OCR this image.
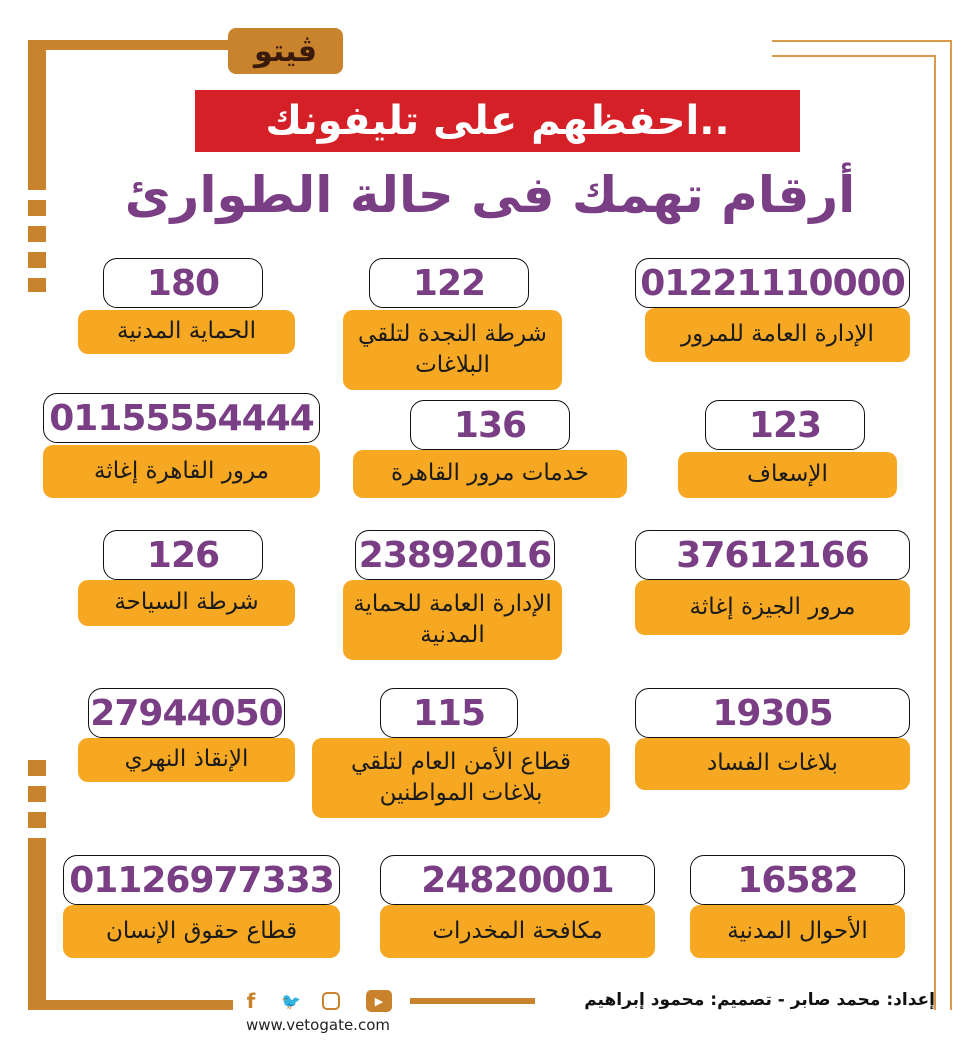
ڤيتو
احفظهم على تليفونك..
أرقام تهمك فى حالة الطوارئ
01221110000
الإدارة العامة للمرور
122
شرطة النجدة لتلقي البلاغات
180
الحماية المدنية
123
الإسعاف
136
خدمات مرور القاهرة
01155554444
مرور القاهرة إغاثة
37612166
مرور الجيزة إغاثة
23892016
الإدارة العامة للحماية المدنية
126
شرطة السياحة
19305
بلاغات الفساد
115
قطاع الأمن العام لتلقي بلاغات المواطنين
27944050
الإنقاذ النهري
16582
الأحوال المدنية
24820001
مكافحة المخدرات
01126977333
قطاع حقوق الإنسان
إعداد: محمد صابر - تصميم: محمود إبراهيم
f	🐦	▶
www.vetogate.com
